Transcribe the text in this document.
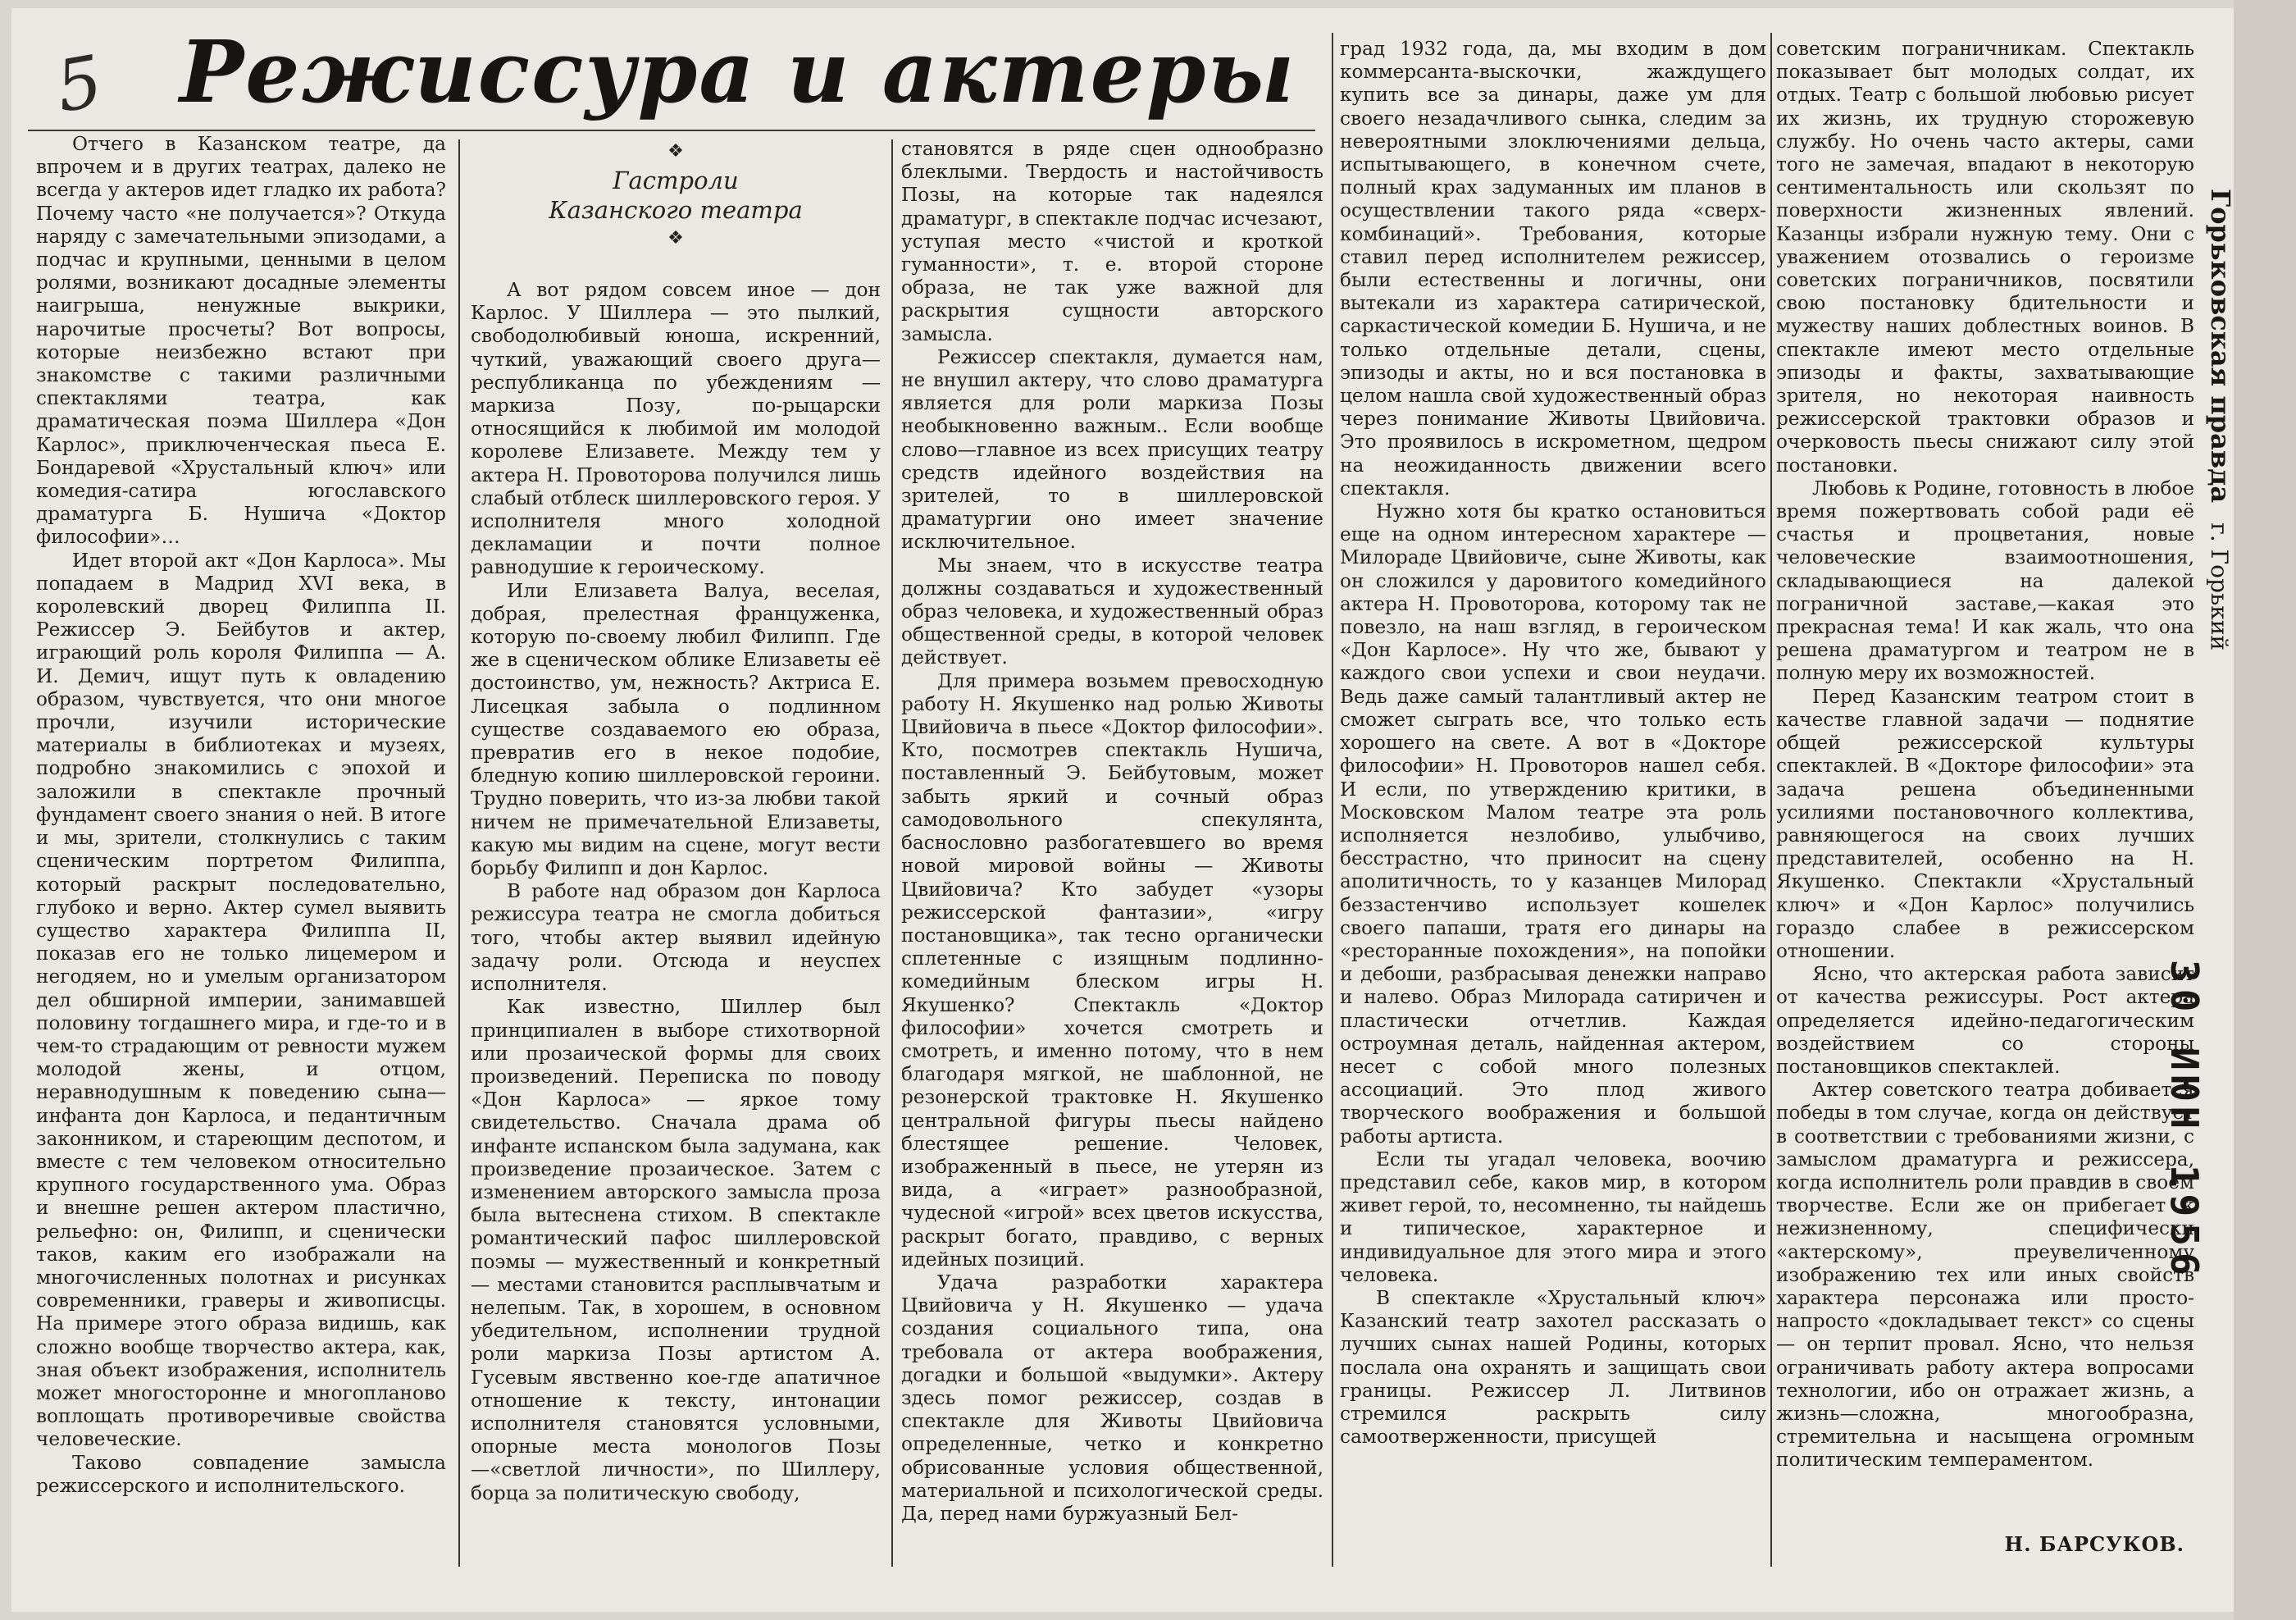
5 Режиссура и актеры
❖
Гастроли
Казанского театра
❖

Отчего в Казанском театре, да впрочем и в других театрах, далеко не всегда у актеров идет гладко их работа? Почему часто «не получается»? Откуда наряду с замечательными эпизодами, а подчас и крупными, ценными в целом ролями, возникают досадные элементы наигрыша, ненужные выкрики, нарочитые просчеты? Вот вопросы, которые неизбежно встают при знакомстве с такими различными спектаклями театра, как драматическая поэма Шиллера «Дон Карлос», приключенческая пьеса Е. Бондаревой «Хрустальный ключ» или комедия-сатира югославского драматурга Б. Нушича «Доктор философии»…

Идет второй акт «Дон Карлоса». Мы попадаем в Мадрид XVI века, в королевский дворец Филиппа II. Режиссер Э. Бейбутов и актер, играющий роль короля Филиппа — А. И. Демич, ищут путь к овладению образом, чувствуется, что они многое прочли, изучили исторические материалы в библиотеках и музеях, подробно знакомились с эпохой и заложили в спектакле прочный фундамент своего знания о ней. В итоге и мы, зрители, столкнулись с таким сценическим портретом Филиппа, который раскрыт последовательно, глубоко и верно. Актер сумел выявить существо характера Филиппа II, показав его не только лицемером и негодяем, но и умелым организатором дел обширной империи, занимавшей половину тогдашнего мира, и где-то и в чем-то страдающим от ревности мужем молодой жены, и отцом, неравнодушным к поведению сына—инфанта дон Карлоса, и педантичным законником, и стареющим деспотом, и вместе с тем человеком относительно крупного государственного ума. Образ и внешне решен актером пластично, рельефно: он, Филипп, и сценически таков, каким его изображали на многочисленных полотнах и рисунках современники, граверы и живописцы. На примере этого образа видишь, как сложно вообще творчество актера, как, зная объект изображения, исполнитель может многосторонне и многопланово воплощать противоречивые свойства человеческие.

Таково совпадение замысла режиссерского и исполнительского.

А вот рядом совсем иное — дон Карлос. У Шиллера — это пылкий, свободолюбивый юноша, искренний, чуткий, уважающий своего друга—республиканца по убеждениям — маркиза Позу, по-рыцарски относящийся к любимой им молодой королеве Елизавете. Между тем у актера Н. Провоторова получился лишь слабый отблеск шиллеровского героя. У исполнителя много холодной декламации и почти полное равнодушие к героическому.

Или Елизавета Валуа, веселая, добрая, прелестная француженка, которую по-своему любил Филипп. Где же в сценическом облике Елизаветы её достоинство, ум, нежность? Актриса Е. Лисецкая забыла о подлинном существе создаваемого ею образа, превратив его в некое подобие, бледную копию шиллеровской героини. Трудно поверить, что из-за любви такой ничем не примечательной Елизаветы, какую мы видим на сцене, могут вести борьбу Филипп и дон Карлос.

В работе над образом дон Карлоса режиссура театра не смогла добиться того, чтобы актер выявил идейную задачу роли. Отсюда и неуспех исполнителя.

Как известно, Шиллер был принципиален в выборе стихотворной или прозаической формы для своих произведений. Переписка по поводу «Дон Карлоса» — яркое тому свидетельство. Сначала драма об инфанте испанском была задумана, как произведение прозаическое. Затем с изменением авторского замысла проза была вытеснена стихом. В спектакле романтический пафос шиллеровской поэмы — мужественный и конкретный — местами становится расплывчатым и нелепым. Так, в хорошем, в основном убедительном, исполнении трудной роли маркиза Позы артистом А. Гусевым явственно кое-где апатичное отношение к тексту, интонации исполнителя становятся условными, опорные места монологов Позы—«светлой личности», по Шиллеру, борца за политическую свободу,

становятся в ряде сцен однообразно блеклыми. Твердость и настойчивость Позы, на которые так надеялся драматург, в спектакле подчас исчезают, уступая место «чистой и кроткой гуманности», т. е. второй стороне образа, не так уже важной для раскрытия сущности авторского замысла.

Режиссер спектакля, думается нам, не внушил актеру, что слово драматурга является для роли маркиза Позы необыкновенно важным.. Если вообще слово—главное из всех присущих театру средств идейного воздействия на зрителей, то в шиллеровской драматургии оно имеет значение исключительное.

Мы знаем, что в искусстве театра должны создаваться и художественный образ человека, и художественный образ общественной среды, в которой человек действует.

Для примера возьмем превосходную работу Н. Якушенко над ролью Животы Цвийовича в пьесе «Доктор философии». Кто, посмотрев спектакль Нушича, поставленный Э. Бейбутовым, может забыть яркий и сочный образ самодовольного спекулянта, баснословно разбогатевшего во время новой мировой войны — Животы Цвийовича? Кто забудет «узоры режиссерской фантазии», «игру постановщика», так тесно органически сплетенные с изящным подлинно-комедийным блеском игры Н. Якушенко? Спектакль «Доктор философии» хочется смотреть и смотреть, и именно потому, что в нем благодаря мягкой, не шаблонной, не резонерской трактовке Н. Якушенко центральной фигуры пьесы найдено блестящее решение. Человек, изображенный в пьесе, не утерян из вида, а «играет» разнообразной, чудесной «игрой» всех цветов искусства, раскрыт богато, правдиво, с верных идейных позиций.

Удача разработки характера Цвийовича у Н. Якушенко — удача создания социального типа, она требовала от актера воображения, догадки и большой «выдумки». Актеру здесь помог режиссер, создав в спектакле для Животы Цвийовича определенные, четко и конкретно обрисованные условия общественной, материальной и психологической среды. Да, перед нами буржуазный Бел-

град 1932 года, да, мы входим в дом коммерсанта-выскочки, жаждущего купить все за динары, даже ум для своего незадачливого сынка, следим за невероятными злоключениями дельца, испытывающего, в конечном счете, полный крах задуманных им планов в осуществлении такого ряда «сверх-комбинаций». Требования, которые ставил перед исполнителем режиссер, были естественны и логичны, они вытекали из характера сатирической, саркастической комедии Б. Нушича, и не только отдельные детали, сцены, эпизоды и акты, но и вся постановка в целом нашла свой художественный образ через понимание Животы Цвийовича. Это проявилось в искрометном, щедром на неожиданность движении всего спектакля.

Нужно хотя бы кратко остановиться еще на одном интересном характере — Милораде Цвийовиче, сыне Животы, как он сложился у даровитого комедийного актера Н. Провоторова, которому так не повезло, на наш взгляд, в героическом «Дон Карлосе». Ну что же, бывают у каждого свои успехи и свои неудачи. Ведь даже самый талантливый актер не сможет сыграть все, что только есть хорошего на свете. А вот в «Докторе философии» Н. Провоторов нашел себя. И если, по утверждению критики, в Московском Малом театре эта роль исполняется незлобиво, улыбчиво, бесстрастно, что приносит на сцену аполитичность, то у казанцев Милорад беззастенчиво использует кошелек своего папаши, тратя его динары на «ресторанные похождения», на попойки и дебоши, разбрасывая денежки направо и налево. Образ Милорада сатиричен и пластически отчетлив. Каждая остроумная деталь, найденная актером, несет с собой много полезных ассоциаций. Это плод живого творческого воображения и большой работы артиста.

Если ты угадал человека, воочию представил себе, каков мир, в котором живет герой, то, несомненно, ты найдешь и типическое, характерное и индивидуальное для этого мира и этого человека.

В спектакле «Хрустальный ключ» Казанский театр захотел рассказать о лучших сынах нашей Родины, которых послала она охранять и защищать свои границы. Режиссер Л. Литвинов стремился раскрыть силу самоотверженности, присущей

советским пограничникам. Спектакль показывает быт молодых солдат, их отдых. Театр с большой любовью рисует их жизнь, их трудную сторожевую службу. Но очень часто актеры, сами того не замечая, впадают в некоторую сентиментальность или скользят по поверхности жизненных явлений. Казанцы избрали нужную тему. Они с уважением отозвались о героизме советских пограничников, посвятили свою постановку бдительности и мужеству наших доблестных воинов. В спектакле имеют место отдельные эпизоды и факты, захватывающие зрителя, но некоторая наивность режиссерской трактовки образов и очерковость пьесы снижают силу этой постановки.

Любовь к Родине, готовность в любое время пожертвовать собой ради её счастья и процветания, новые человеческие взаимоотношения, складывающиеся на далекой пограничной заставе,—какая это прекрасная тема! И как жаль, что она решена драматургом и театром не в полную меру их возможностей.

Перед Казанским театром стоит в качестве главной задачи — поднятие общей режиссерской культуры спектаклей. В «Докторе философии» эта задача решена объединенными усилиями постановочного коллектива, равняющегося на своих лучших представителей, особенно на Н. Якушенко. Спектакли «Хрустальный ключ» и «Дон Карлос» получились гораздо слабее в режиссерском отношении.

Ясно, что актерская работа зависит от качества режиссуры. Рост актера определяется идейно-педагогическим воздействием со стороны постановщиков спектаклей.

Актер советского театра добивается победы в том случае, когда он действует в соответствии с требованиями жизни, с замыслом драматурга и режиссера, когда исполнитель роли правдив в своем творчестве. Если же он прибегает к нежизненному, специфически «актерскому», преувеличенному изображению тех или иных свойств характера персонажа или просто-напросто «докладывает текст» со сцены — он терпит провал. Ясно, что нельзя ограничивать работу актера вопросами технологии, ибо он отражает жизнь, а жизнь—сложна, многообразна, стремительна и насыщена огромным политическим темпераментом.

Н. БАРСУКОВ.
30 ИЮН 1956
Горьковская правдаг. Горький
